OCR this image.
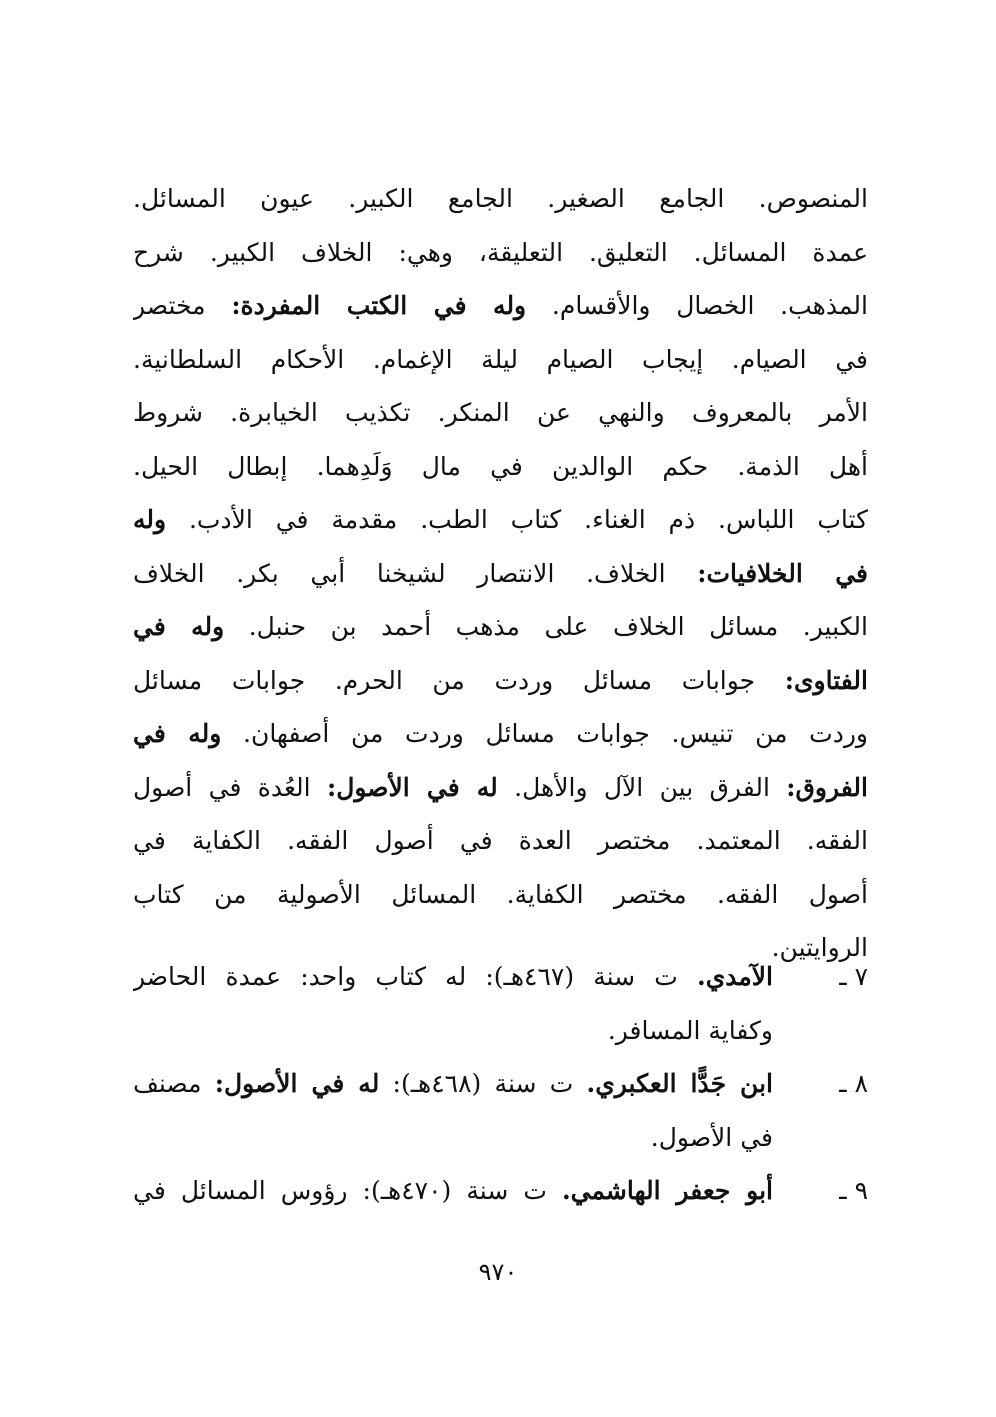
المنصوص. الجامع الصغير. الجامع الكبير. عيون المسائل.
عمدة المسائل. التعليق. التعليقة، وهي: الخلاف الكبير. شرح
المذهب. الخصال والأقسام. وله في الكتب المفردة: مختصر
في الصيام. إيجاب الصيام ليلة الإغمام. الأحكام السلطانية.
الأمر بالمعروف والنهي عن المنكر. تكذيب الخيابرة. شروط
أهل الذمة. حكم الوالدين في مال وَلَدِهما. إبطال الحيل.
كتاب اللباس. ذم الغناء. كتاب الطب. مقدمة في الأدب. وله
في الخلافيات: الخلاف. الانتصار لشيخنا أبي بكر. الخلاف
الكبير. مسائل الخلاف على مذهب أحمد بن حنبل. وله في
الفتاوى: جوابات مسائل وردت من الحرم. جوابات مسائل
وردت من تنيس. جوابات مسائل وردت من أصفهان. وله في
الفروق: الفرق بين الآل والأهل. له في الأصول: العُدة في أصول
الفقه. المعتمد. مختصر العدة في أصول الفقه. الكفاية في
أصول الفقه. مختصر الكفاية. المسائل الأصولية من كتاب
الروايتين.
٧ ـ
الآمدي. ت سنة (٤٦٧هـ): له كتاب واحد: عمدة الحاضر
وكفاية المسافر.
٨ ـ
ابن جَدًّا العكبري. ت سنة (٤٦٨هـ): له في الأصول: مصنف
في الأصول.
٩ ـ
أبو جعفر الهاشمي. ت سنة (٤٧٠هـ): رؤوس المسائل في
٩٧٠
